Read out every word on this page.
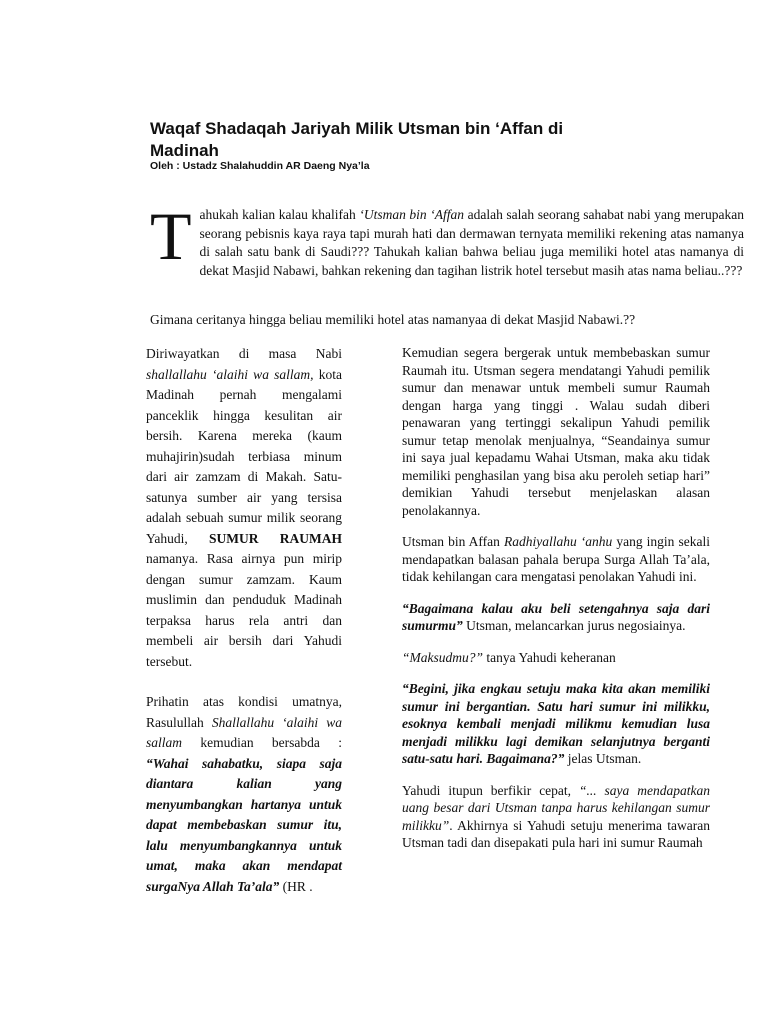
Waqaf Shadaqah Jariyah Milik Utsman bin ‘Affan di Madinah

Oleh : Ustadz Shalahuddin AR Daeng Nya’la

Tahukah kalian kalau khalifah ‘Utsman bin ‘Affan adalah salah seorang sahabat nabi yang merupakan seorang pebisnis kaya raya tapi murah hati dan dermawan ternyata memiliki rekening atas namanya di salah satu bank di Saudi??? Tahukah kalian bahwa beliau juga memiliki hotel atas namanya di dekat Masjid Nabawi, bahkan rekening dan tagihan listrik hotel tersebut masih atas nama beliau..???

Gimana ceritanya hingga beliau memiliki hotel atas namanyaa di dekat Masjid Nabawi.??

Diriwayatkan di masa Nabi shallallahu ‘alaihi wa sallam, kota Madinah pernah mengalami panceklik hingga kesulitan air bersih. Karena mereka (kaum muhajirin)sudah terbiasa minum dari air zamzam di Makah. Satu-satunya sumber air yang tersisa adalah sebuah sumur milik seorang Yahudi, SUMUR RAUMAH namanya. Rasa airnya pun mirip dengan sumur zamzam. Kaum muslimin dan penduduk Madinah terpaksa harus rela antri dan membeli air bersih dari Yahudi tersebut.

Prihatin atas kondisi umatnya, Rasulullah Shallallahu ‘alaihi wa sallam kemudian bersabda : “Wahai sahabatku, siapa saja diantara kalian yang menyumbangkan hartanya untuk dapat membebaskan sumur itu, lalu menyumbangkannya untuk umat, maka akan mendapat surgaNya Allah Ta’ala” (HR .

Kemudian segera bergerak untuk membebaskan sumur Raumah itu. Utsman segera mendatangi Yahudi pemilik sumur dan menawar untuk membeli sumur Raumah dengan harga yang tinggi . Walau sudah diberi penawaran yang tertinggi sekalipun Yahudi pemilik sumur tetap menolak menjualnya, “Seandainya sumur ini saya jual kepadamu Wahai Utsman, maka aku tidak memiliki penghasilan yang bisa aku peroleh setiap hari” demikian Yahudi tersebut menjelaskan alasan penolakannya.

Utsman bin Affan Radhiyallahu ‘anhu yang ingin sekali mendapatkan balasan pahala berupa Surga Allah Ta’ala, tidak kehilangan cara mengatasi penolakan Yahudi ini.

“Bagaimana kalau aku beli setengahnya saja dari sumurmu” Utsman, melancarkan jurus negosiainya.

“Maksudmu?” tanya Yahudi keheranan

“Begini, jika engkau setuju maka kita akan memiliki sumur ini bergantian. Satu hari sumur ini milikku, esoknya kembali menjadi milikmu kemudian lusa menjadi milikku lagi demikan selanjutnya berganti satu-satu hari. Bagaimana?” jelas Utsman.

Yahudi itupun berfikir cepat, “... saya mendapatkan uang besar dari Utsman tanpa harus kehilangan sumur milikku”. Akhirnya si Yahudi setuju menerima tawaran Utsman tadi dan disepakati pula hari ini sumur Raumah
